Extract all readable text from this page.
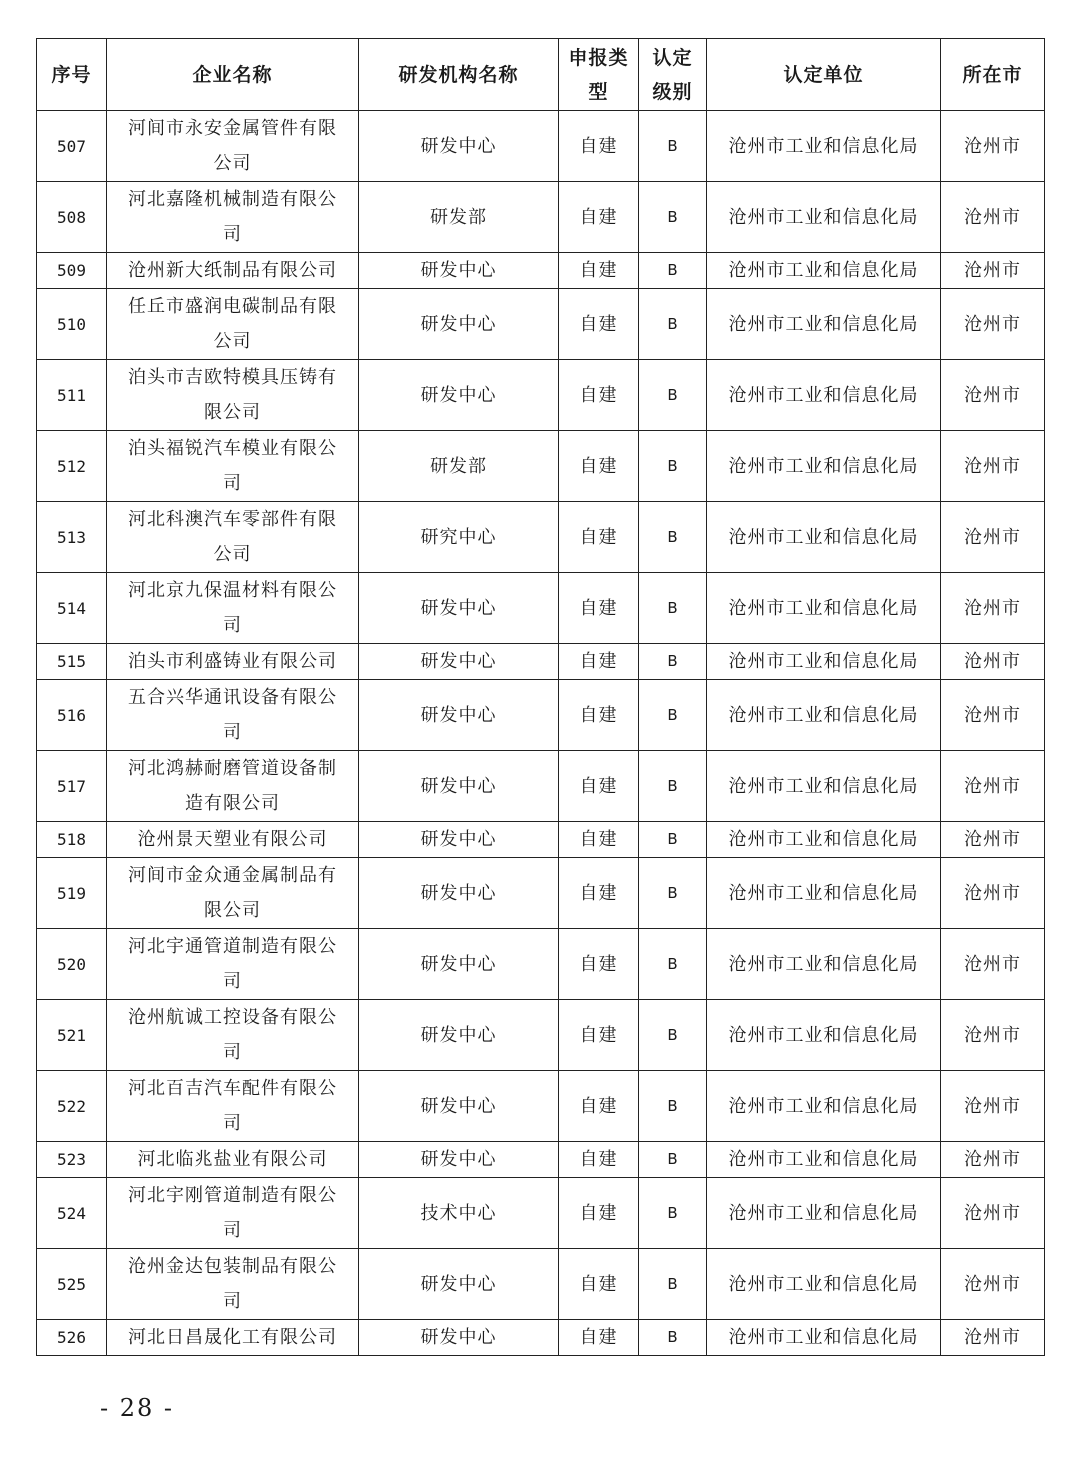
序号	企业名称	研发机构名称	申报类型	认定级别	认定单位	所在市
507	河间市永安金属管件有限公司	研发中心	自建	B	沧州市工业和信息化局	沧州市
508	河北嘉隆机械制造有限公司	研发部	自建	B	沧州市工业和信息化局	沧州市
509	沧州新大纸制品有限公司	研发中心	自建	B	沧州市工业和信息化局	沧州市
510	任丘市盛润电碳制品有限公司	研发中心	自建	B	沧州市工业和信息化局	沧州市
511	泊头市吉欧特模具压铸有限公司	研发中心	自建	B	沧州市工业和信息化局	沧州市
512	泊头福锐汽车模业有限公司	研发部	自建	B	沧州市工业和信息化局	沧州市
513	河北科澳汽车零部件有限公司	研究中心	自建	B	沧州市工业和信息化局	沧州市
514	河北京九保温材料有限公司	研发中心	自建	B	沧州市工业和信息化局	沧州市
515	泊头市利盛铸业有限公司	研发中心	自建	B	沧州市工业和信息化局	沧州市
516	五合兴华通讯设备有限公司	研发中心	自建	B	沧州市工业和信息化局	沧州市
517	河北鸿赫耐磨管道设备制造有限公司	研发中心	自建	B	沧州市工业和信息化局	沧州市
518	沧州景天塑业有限公司	研发中心	自建	B	沧州市工业和信息化局	沧州市
519	河间市金众通金属制品有限公司	研发中心	自建	B	沧州市工业和信息化局	沧州市
520	河北宇通管道制造有限公司	研发中心	自建	B	沧州市工业和信息化局	沧州市
521	沧州航诚工控设备有限公司	研发中心	自建	B	沧州市工业和信息化局	沧州市
522	河北百吉汽车配件有限公司	研发中心	自建	B	沧州市工业和信息化局	沧州市
523	河北临兆盐业有限公司	研发中心	自建	B	沧州市工业和信息化局	沧州市
524	河北宇刚管道制造有限公司	技术中心	自建	B	沧州市工业和信息化局	沧州市
525	沧州金达包装制品有限公司	研发中心	自建	B	沧州市工业和信息化局	沧州市
526	河北日昌晟化工有限公司	研发中心	自建	B	沧州市工业和信息化局	沧州市
- 28 -
